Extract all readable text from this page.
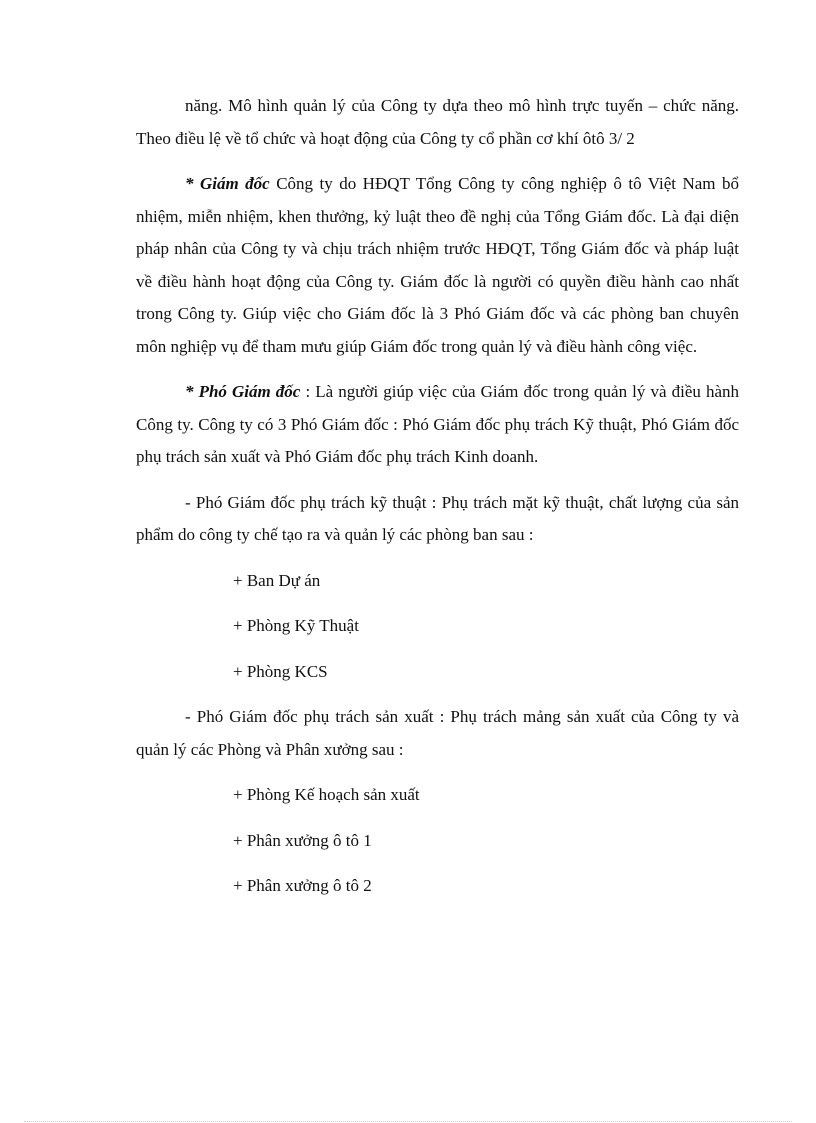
năng. Mô hình quản lý của Công ty dựa theo mô hình trực tuyến – chức năng. Theo điều lệ về tổ chức và hoạt động của Công ty cổ phần cơ khí ôtô 3/ 2

* Giám đốc Công ty do HĐQT Tổng Công ty công nghiệp ô tô Việt Nam bổ nhiệm, miễn nhiệm, khen thưởng, kỷ luật theo đề nghị của Tổng Giám đốc. Là đại diện pháp nhân của Công ty và chịu trách nhiệm trước HĐQT, Tổng Giám đốc và pháp luật về điều hành hoạt động của Công ty. Giám đốc là người có quyền điều hành cao nhất trong Công ty. Giúp việc cho Giám đốc là 3 Phó Giám đốc và các phòng ban chuyên môn nghiệp vụ để tham mưu giúp Giám đốc trong quản lý và điều hành công việc.

* Phó Giám đốc : Là người giúp việc của Giám đốc trong quản lý và điều hành Công ty. Công ty có 3 Phó Giám đốc : Phó Giám đốc phụ trách Kỹ thuật, Phó Giám đốc phụ trách sản xuất và Phó Giám đốc phụ trách Kinh doanh.

- Phó Giám đốc phụ trách kỹ thuật : Phụ trách mặt kỹ thuật, chất lượng của sản phẩm do công ty chế tạo ra và quản lý các phòng ban sau :

+ Ban Dự án
+ Phòng Kỹ Thuật
+ Phòng KCS

- Phó Giám đốc phụ trách sản xuất : Phụ trách mảng sản xuất của Công ty và quản lý các Phòng và Phân xưởng sau :

+ Phòng Kế hoạch sản xuất
+ Phân xưởng ô tô 1
+ Phân xưởng ô tô 2
